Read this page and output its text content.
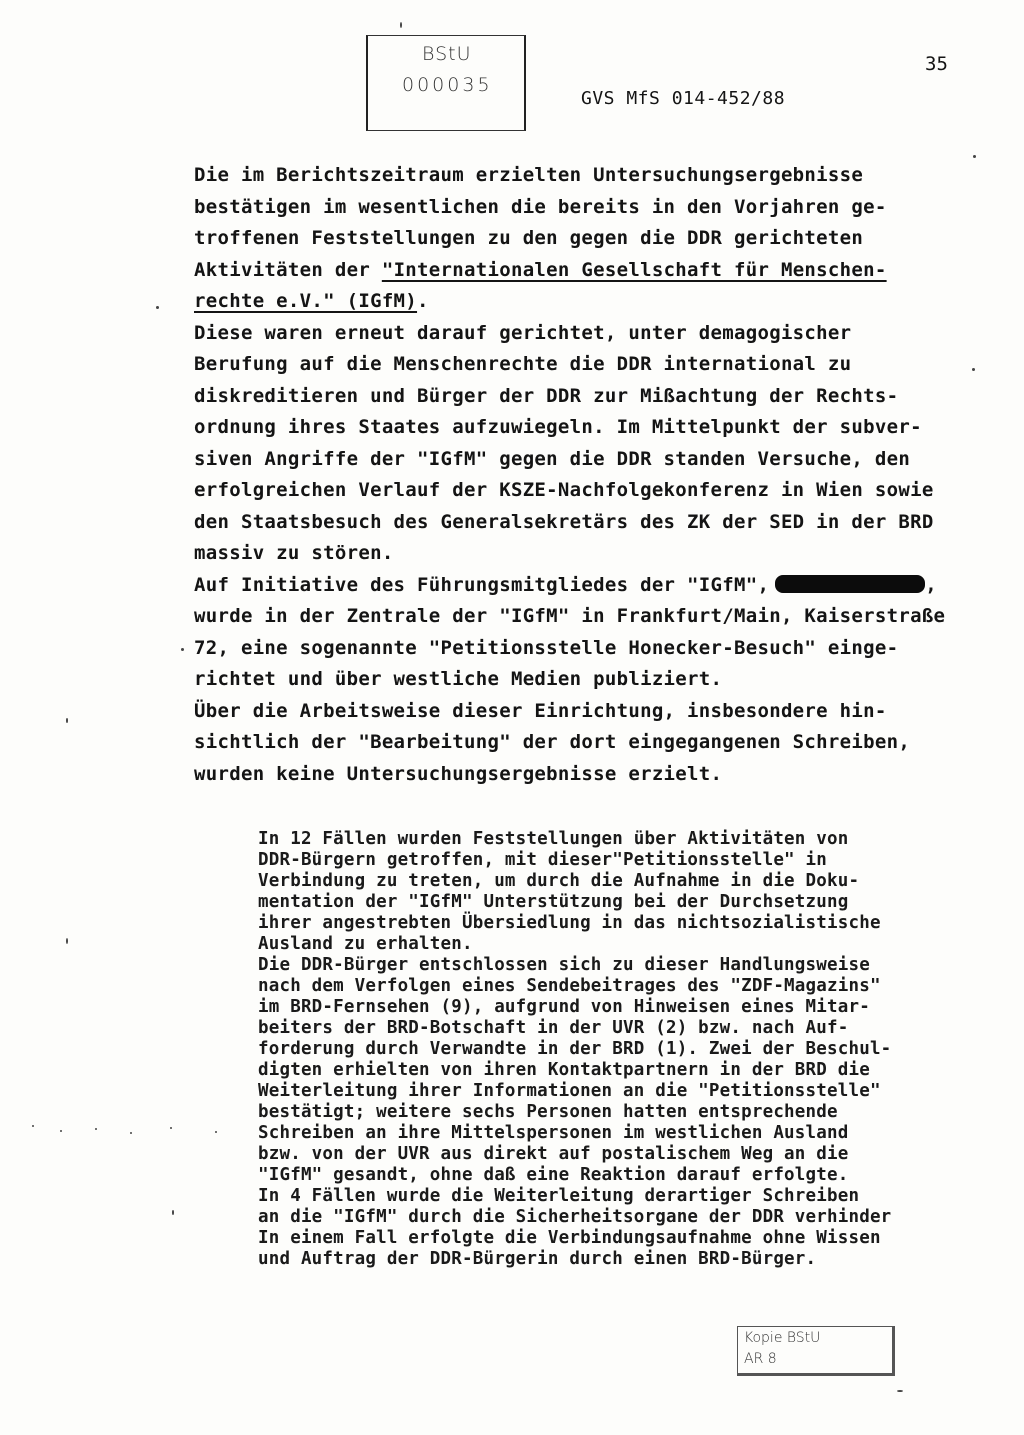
BStU
000035
35
GVS MfS 014-452/88
Die im Berichtszeitraum erzielten Untersuchungsergebnisse
bestätigen im wesentlichen die bereits in den Vorjahren ge-
troffenen Feststellungen zu den gegen die DDR gerichteten
Aktivitäten der "Internationalen Gesellschaft für Menschen-
rechte e.V." (IGfM).
Diese waren erneut darauf gerichtet, unter demagogischer
Berufung auf die Menschenrechte die DDR international zu
diskreditieren und Bürger der DDR zur Mißachtung der Rechts-
ordnung ihres Staates aufzuwiegeln. Im Mittelpunkt der subver-
siven Angriffe der "IGfM" gegen die DDR standen Versuche, den
erfolgreichen Verlauf der KSZE-Nachfolgekonferenz in Wien sowie
den Staatsbesuch des Generalsekretärs des ZK der SED in der BRD
massiv zu stören.
Auf Initiative des Führungsmitgliedes der "IGfM",	,
wurde in der Zentrale der "IGfM" in Frankfurt/Main, Kaiserstraße
72, eine sogenannte "Petitionsstelle Honecker-Besuch" einge-
richtet und über westliche Medien publiziert.
Über die Arbeitsweise dieser Einrichtung, insbesondere hin-
sichtlich der "Bearbeitung" der dort eingegangenen Schreiben,
wurden keine Untersuchungsergebnisse erzielt.
In 12 Fällen wurden Feststellungen über Aktivitäten von
DDR-Bürgern getroffen, mit dieser"Petitionsstelle" in
Verbindung zu treten, um durch die Aufnahme in die Doku-
mentation der "IGfM" Unterstützung bei der Durchsetzung
ihrer angestrebten Übersiedlung in das nichtsozialistische
Ausland zu erhalten.
Die DDR-Bürger entschlossen sich zu dieser Handlungsweise
nach dem Verfolgen eines Sendebeitrages des "ZDF-Magazins"
im BRD-Fernsehen (9), aufgrund von Hinweisen eines Mitar-
beiters der BRD-Botschaft in der UVR (2) bzw. nach Auf-
forderung durch Verwandte in der BRD (1). Zwei der Beschul-
digten erhielten von ihren Kontaktpartnern in der BRD die
Weiterleitung ihrer Informationen an die "Petitionsstelle"
bestätigt; weitere sechs Personen hatten entsprechende
Schreiben an ihre Mittelspersonen im westlichen Ausland
bzw. von der UVR aus direkt auf postalischem Weg an die
"IGfM" gesandt, ohne daß eine Reaktion darauf erfolgte.
In 4 Fällen wurde die Weiterleitung derartiger Schreiben
an die "IGfM" durch die Sicherheitsorgane der DDR verhinder
In einem Fall erfolgte die Verbindungsaufnahme ohne Wissen
und Auftrag der DDR-Bürgerin durch einen BRD-Bürger.
Kopie BStU
AR 8
